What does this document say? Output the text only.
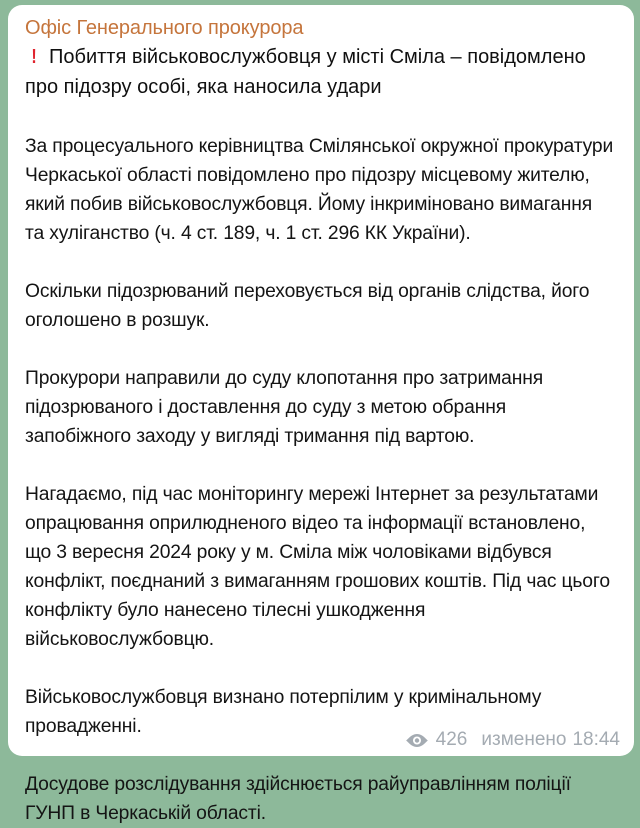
Офіс Генерального прокурора
! Побиття військовослужбовця у місті Сміла – повідомлено про підозру особі, яка наносила удари

За процесуального керівництва Смілянської окружної прокуратури Черкаської області повідомлено про підозру місцевому жителю, який побив військовослужбовця. Йому інкриміновано вимагання та хуліганство (ч. 4 ст. 189, ч. 1 ст. 296 КК України).

Оскільки підозрюваний переховується від органів слідства, його оголошено в розшук.

Прокурори направили до суду клопотання про затримання підозрюваного і доставлення до суду з метою обрання запобіжного заходу у вигляді тримання під вартою.

Нагадаємо, під час моніторингу мережі Інтернет за результатами опрацювання оприлюдненого відео та інформації встановлено, що 3 вересня 2024 року у м. Сміла між чоловіками відбувся конфлікт, поєднаний з вимаганням грошових коштів. Під час цього конфлікту було нанесено тілесні ушкодження військовослужбовцю.

Військовослужбовця визнано потерпілим у кримінальному провадженні.

Досудове розслідування здійснюється райуправлінням поліції ГУНП в Черкаській області.

426 изменено 18:44
